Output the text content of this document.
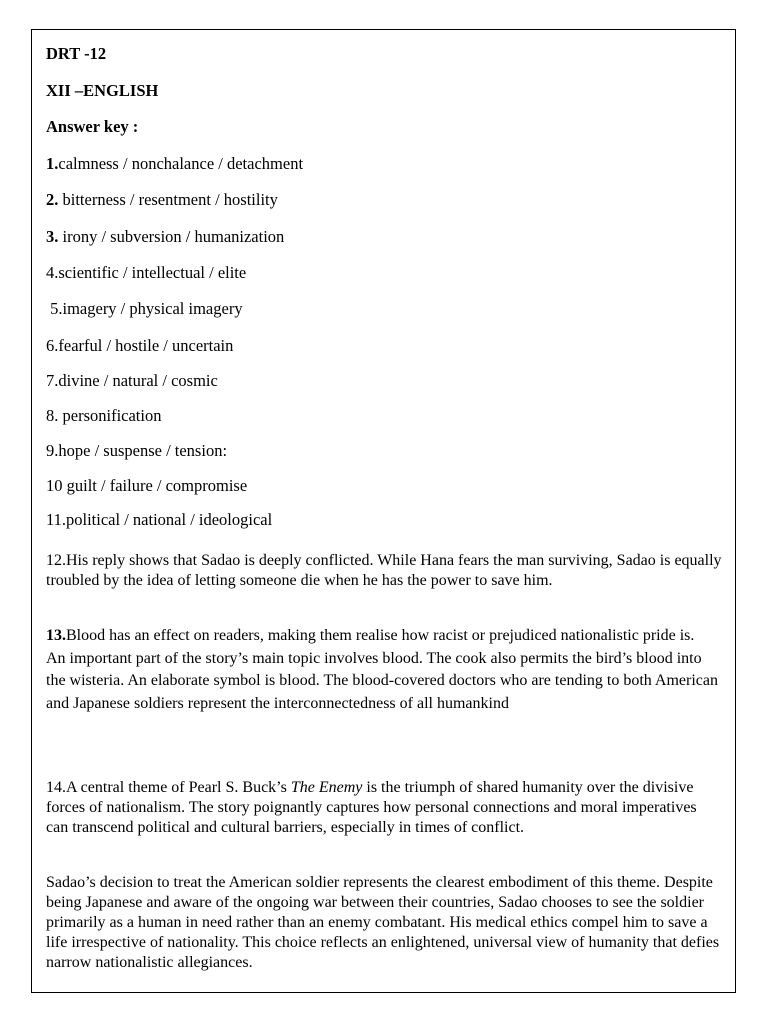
DRT -12
XII –ENGLISH
Answer key :
1.calmness / nonchalance / detachment
2. bitterness / resentment / hostility
3. irony / subversion / humanization
4.scientific / intellectual / elite
5.imagery / physical imagery
6.fearful / hostile / uncertain
7.divine / natural / cosmic
8. personification
9.hope / suspense / tension:
10 guilt / failure / compromise
11.political / national / ideological
12.His reply shows that Sadao is deeply conflicted. While Hana fears the man surviving, Sadao is equally troubled by the idea of letting someone die when he has the power to save him.

13.Blood has an effect on readers, making them realise how racist or prejudiced nationalistic pride is.

An important part of the story’s main topic involves blood. The cook also permits the bird’s blood into the wisteria. An elaborate symbol is blood. The blood-covered doctors who are tending to both American and Japanese soldiers represent the interconnectedness of all humankind

14.A central theme of Pearl S. Buck’s The Enemy is the triumph of shared humanity over the divisive forces of nationalism. The story poignantly captures how personal connections and moral imperatives can transcend political and cultural barriers, especially in times of conflict.

Sadao’s decision to treat the American soldier represents the clearest embodiment of this theme. Despite being Japanese and aware of the ongoing war between their countries, Sadao chooses to see the soldier primarily as a human in need rather than an enemy combatant. His medical ethics compel him to save a life irrespective of nationality. This choice reflects an enlightened, universal view of humanity that defies narrow nationalistic allegiances.
